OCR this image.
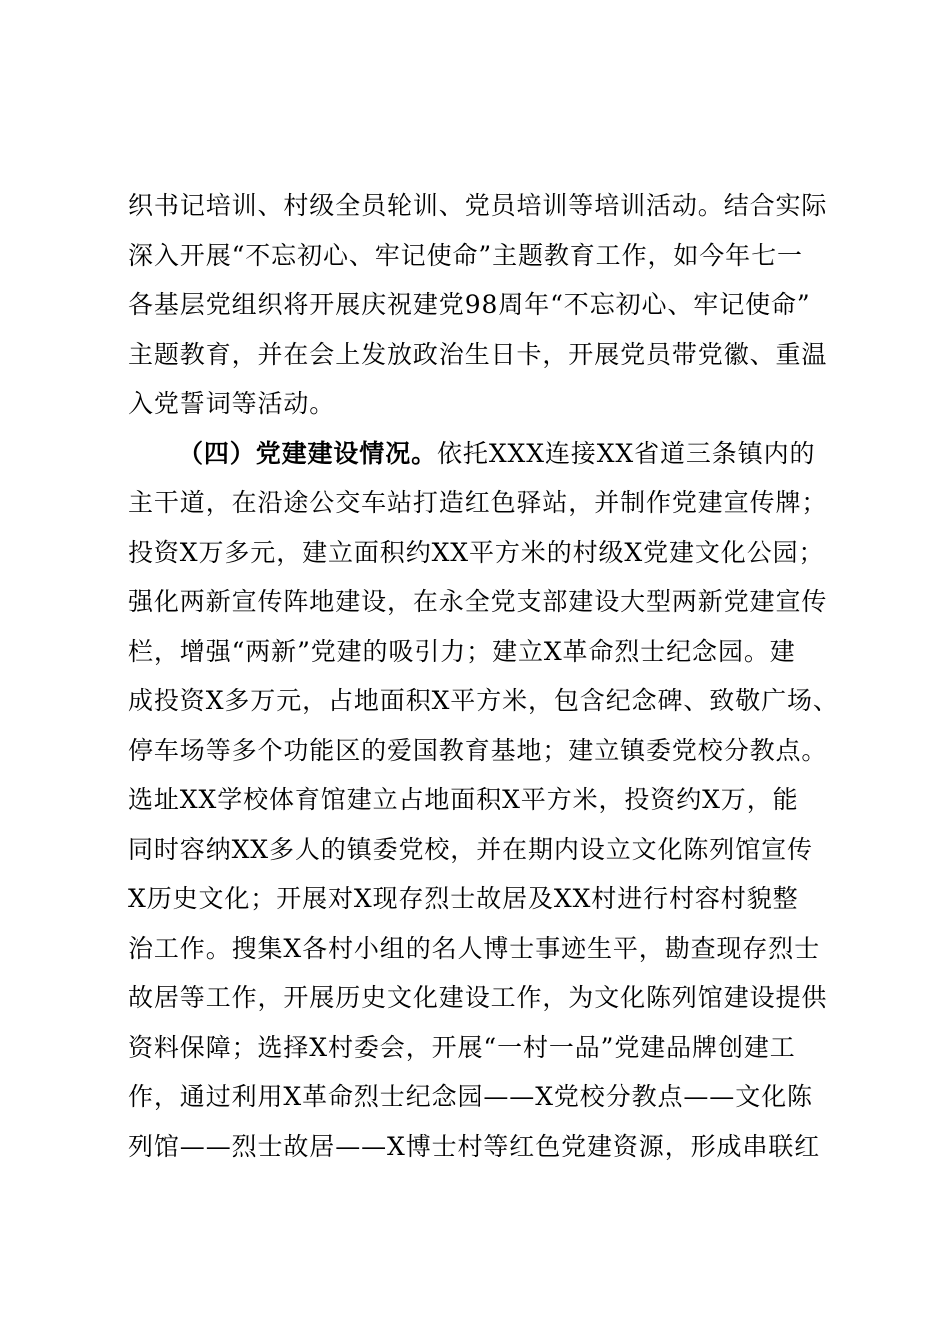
织书记培训、村级全员轮训、党员培训等培训活动。结合实际
深入开展“不忘初心、牢记使命”主题教育工作，如今年七一
各基层党组织将开展庆祝建党98周年“不忘初心、牢记使命”
主题教育，并在会上发放政治生日卡，开展党员带党徽、重温
入党誓词等活动。
（四）党建建设情况。依托XXX连接XX省道三条镇内的
主干道，在沿途公交车站打造红色驿站，并制作党建宣传牌；
投资X万多元，建立面积约XX平方米的村级X党建文化公园；
强化两新宣传阵地建设，在永全党支部建设大型两新党建宣传
栏，增强“两新”党建的吸引力；建立X革命烈士纪念园。建
成投资X多万元，占地面积X平方米，包含纪念碑、致敬广场、
停车场等多个功能区的爱国教育基地；建立镇委党校分教点。
选址XX学校体育馆建立占地面积X平方米，投资约X万，能
同时容纳XX多人的镇委党校，并在期内设立文化陈列馆宣传
X历史文化；开展对X现存烈士故居及XX村进行村容村貌整
治工作。搜集X各村小组的名人博士事迹生平，勘查现存烈士
故居等工作，开展历史文化建设工作，为文化陈列馆建设提供
资料保障；选择X村委会，开展“一村一品”党建品牌创建工
作，通过利用X革命烈士纪念园——X党校分教点——文化陈
列馆——烈士故居——X博士村等红色党建资源，形成串联红
